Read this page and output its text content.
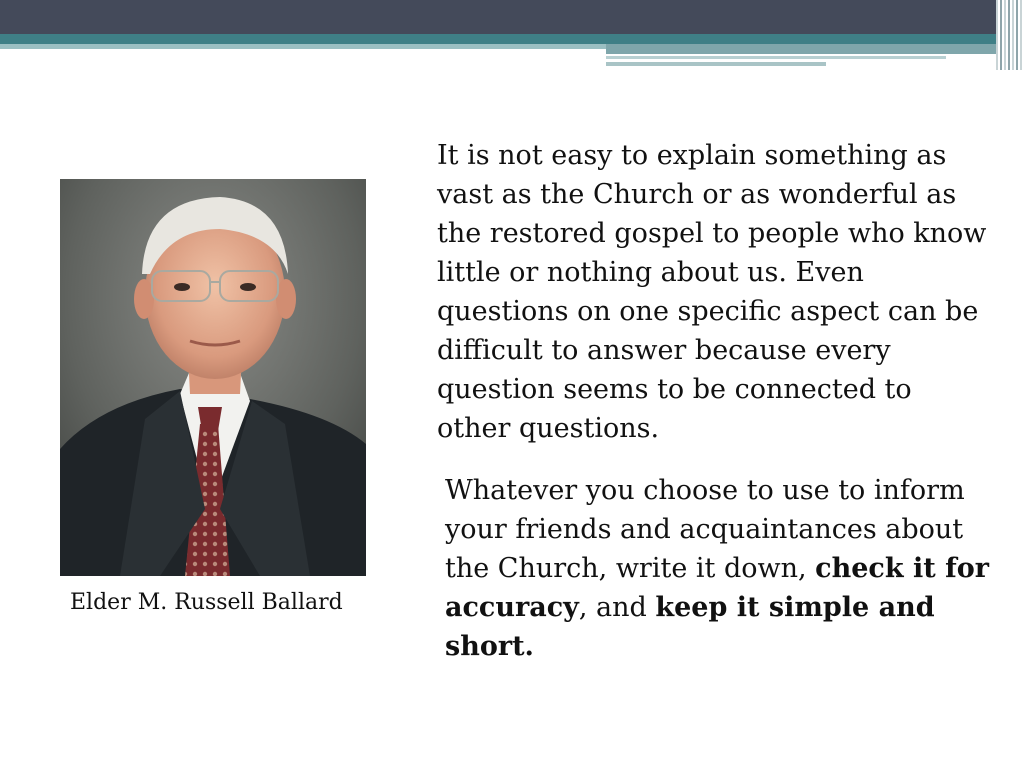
Elder M. Russell Ballard
It is not easy to explain something as vast as the Church or as wonderful as the restored gospel to people who know little or nothing about us. Even questions on one specific aspect can be difficult to answer because every question seems to be connected to other questions.
Whatever you choose to use to inform your friends and acquaintances about the Church, write it down, check it for accuracy, and keep it simple and short.
